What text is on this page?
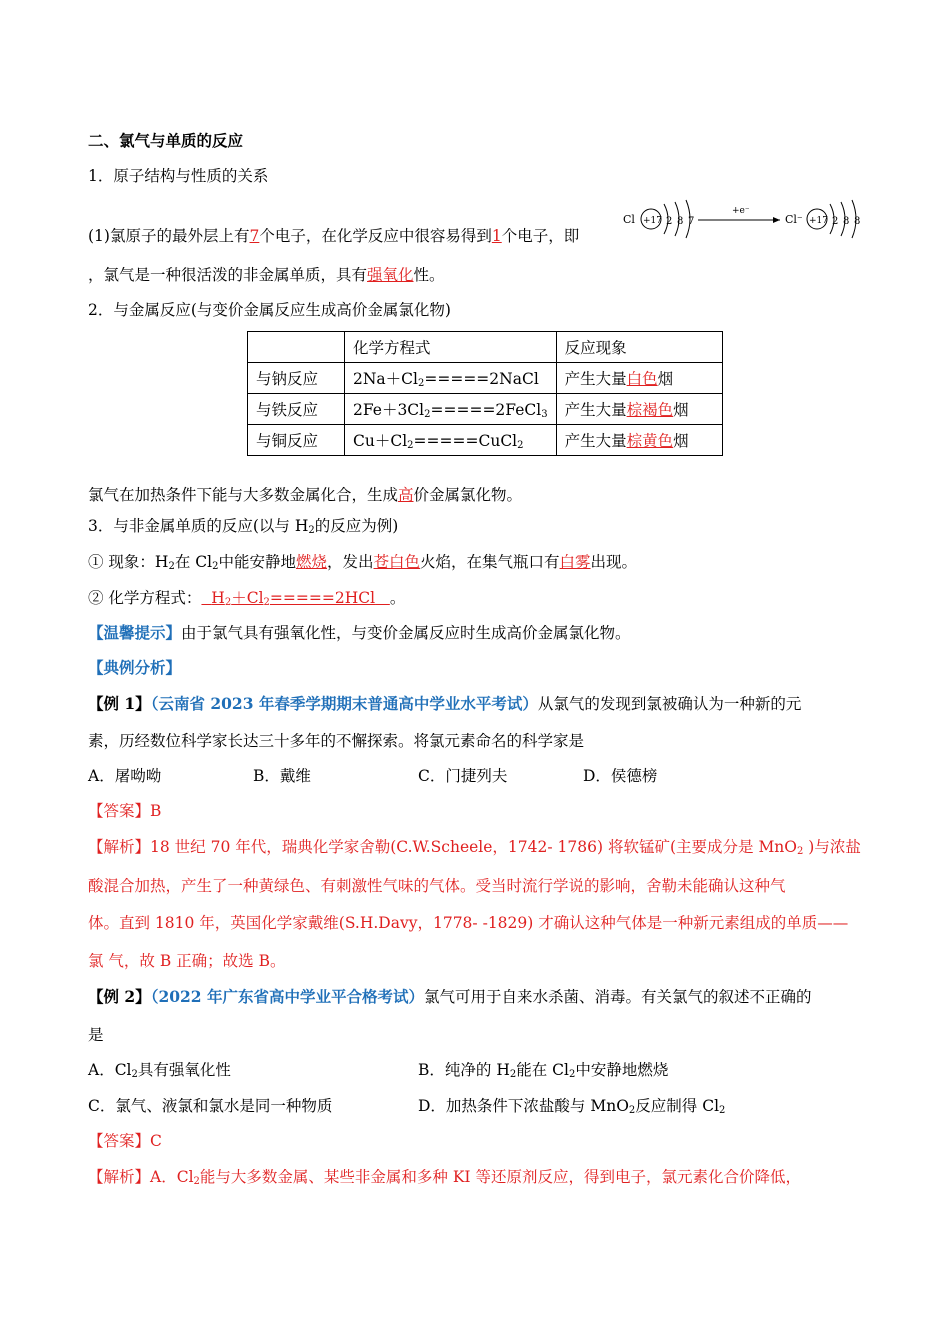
二、氯气与单质的反应
1．原子结构与性质的关系
(1)氯原子的最外层上有7个电子，在化学反应中很容易得到1个电子，即
Cl +17 2 8 7
+e⁻
Cl⁻ +17 2 8 8
，氯气是一种很活泼的非金属单质，具有强氧化性。
2．与金属反应(与变价金属反应生成高价金属氯化物)
	化学方程式	反应现象
与钠反应	$2Na+Cl_2=====2NaCl$	产生大量白色烟
与铁反应	$2Fe+3Cl_2=====2FeCl_3$	产生大量棕褐色烟
与铜反应	$Cu+Cl_2=====CuCl_2$	产生大量棕黄色烟
氯气在加热条件下能与大多数金属化合，生成高价金属氯化物。
3．与非金属单质的反应(以与 $H_2$的反应为例)
① 现象：$H_2$在 $Cl_2$中能安静地燃烧，发出苍白色火焰，在集气瓶口有白雾出现。
② 化学方程式： $H_2+Cl_2=====2HCl$ 。
【温馨提示】由于氯气具有强氧化性，与变价金属反应时生成高价金属氯化物。
【典例分析】
【例 1】（云南省 2023 年春季学期期末普通高中学业水平考试）从氯气的发现到氯被确认为一种新的元
素，历经数位科学家长达三十多年的不懈探索。将氯元素命名的科学家是
A．屠呦呦	B．戴维	C．门捷列夫	D．侯德榜
【答案】B
【解析】18 世纪 70 年代，瑞典化学家舍勒(C.W.Scheele，1742- 1786) 将软锰矿(主要成分是 MnO$_2$ )与浓盐
酸混合加热，产生了一种黄绿色、有刺激性气味的气体。受当时流行学说的影响，舍勒未能确认这种气
体。直到 1810 年，英国化学家戴维(S.H.Davy，1778- -1829) 才确认这种气体是一种新元素组成的单质——
氯 气，故 B 正确；故选 B。
【例 2】（2022 年广东省高中学业平合格考试）氯气可用于自来水杀菌、消毒。有关氯气的叙述不正确的
是
A．$Cl_2$具有强氧化性	B．纯净的 $H_2$能在 $Cl_2$中安静地燃烧
C．氯气、液氯和氯水是同一种物质	D．加热条件下浓盐酸与 MnO$_2$反应制得 $Cl_2$
【答案】C
【解析】A．$Cl_2$能与大多数金属、某些非金属和多种 KI 等还原剂反应，得到电子，氯元素化合价降低，
